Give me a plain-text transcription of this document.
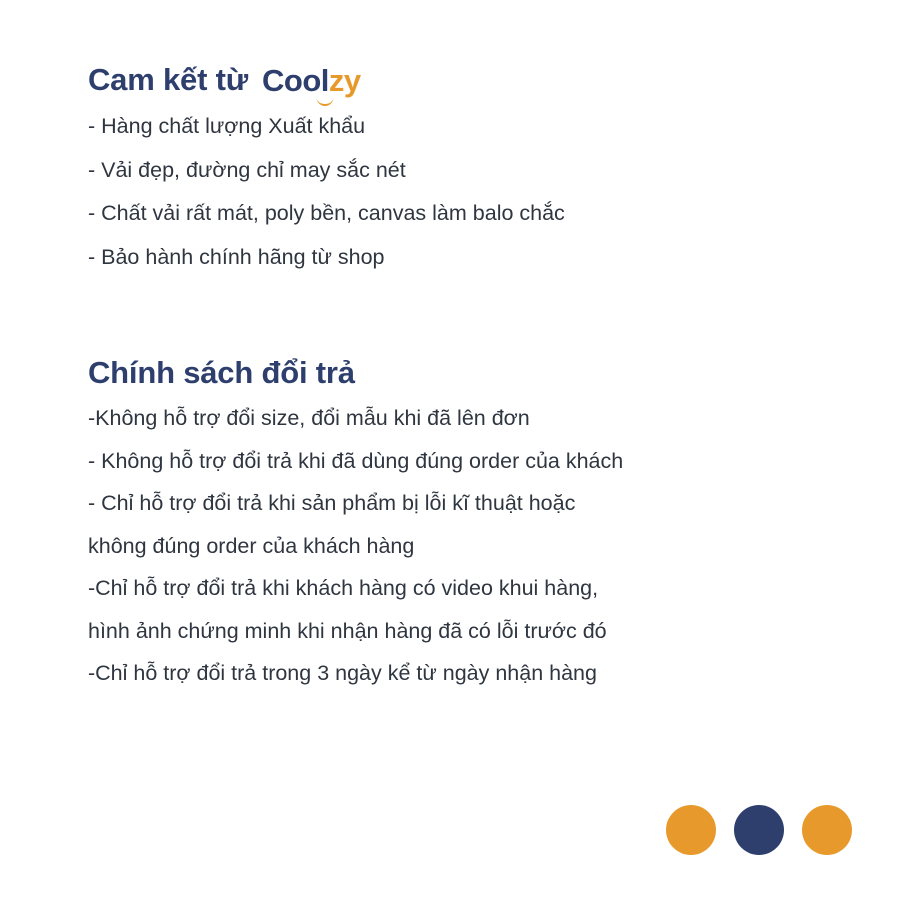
Cam kết từ Coolzy
- Hàng chất lượng Xuất khẩu
- Vải đẹp, đường chỉ may sắc nét
- Chất vải rất mát, poly bền, canvas làm balo chắc
- Bảo hành chính hãng từ shop
Chính sách đổi trả
-Không hỗ trợ đổi size, đổi mẫu khi đã lên đơn
- Không hỗ trợ đổi trả khi đã dùng đúng order của khách
- Chỉ hỗ trợ đổi trả khi sản phẩm bị lỗi kĩ thuật hoặc
không đúng order của khách hàng
-Chỉ hỗ trợ đổi trả khi khách hàng có video khui hàng,
hình ảnh chứng minh khi nhận hàng đã có lỗi trước đó
-Chỉ hỗ trợ đổi trả trong 3 ngày kể từ ngày nhận hàng
